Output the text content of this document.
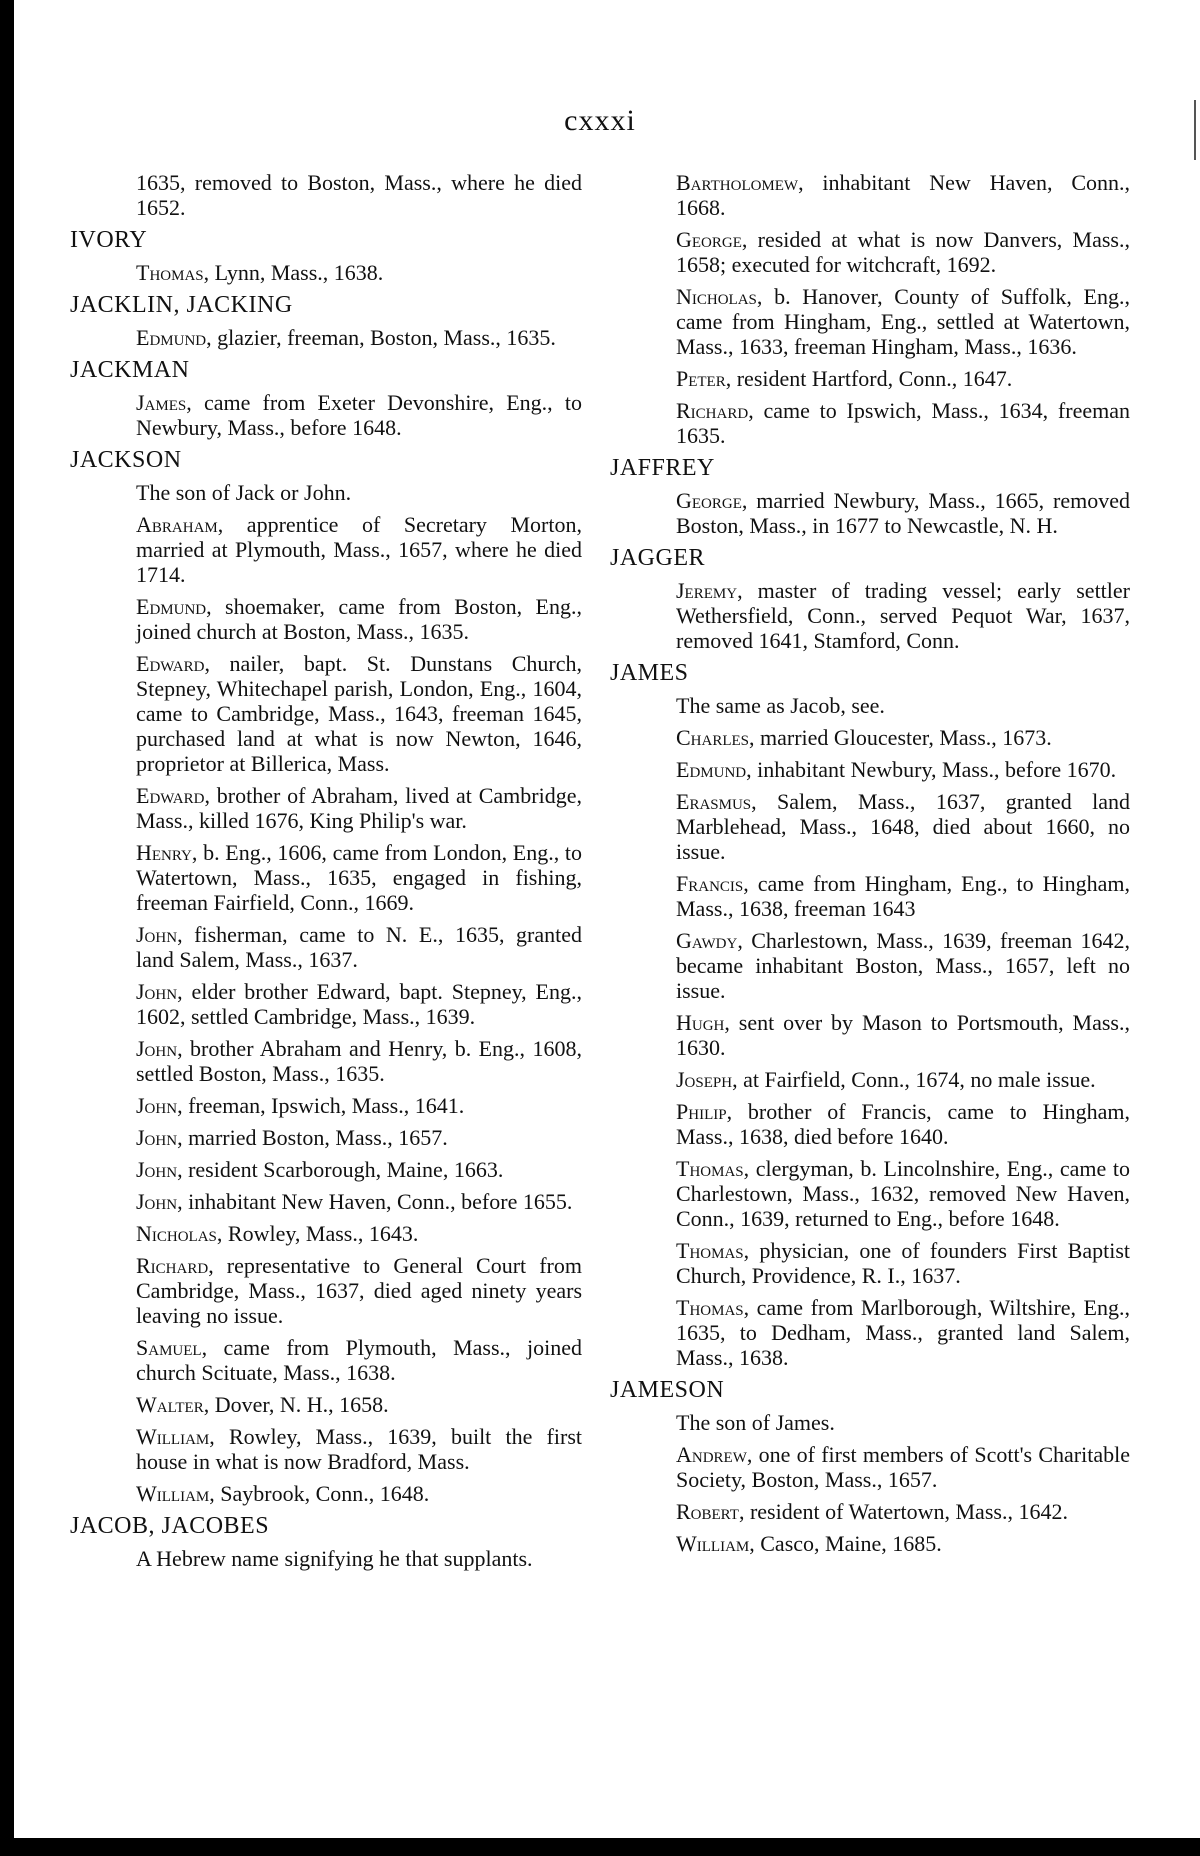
cxxxi
1635, removed to Boston, Mass., where he died 1652.
IVORY
Thomas, Lynn, Mass., 1638.
JACKLIN, JACKING
Edmund, glazier, freeman, Boston, Mass., 1635.
JACKMAN
James, came from Exeter Devonshire, Eng., to Newbury, Mass., before 1648.
JACKSON
The son of Jack or John.
Abraham, apprentice of Secretary Morton, married at Plymouth, Mass., 1657, where he died 1714.
Edmund, shoemaker, came from Boston, Eng., joined church at Boston, Mass., 1635.
Edward, nailer, bapt. St. Dunstans Church, Stepney, Whitechapel parish, London, Eng., 1604, came to Cambridge, Mass., 1643, freeman 1645, purchased land at what is now Newton, 1646, proprietor at Billerica, Mass.
Edward, brother of Abraham, lived at Cambridge, Mass., killed 1676, King Philip's war.
Henry, b. Eng., 1606, came from London, Eng., to Watertown, Mass., 1635, engaged in fishing, freeman Fairfield, Conn., 1669.
John, fisherman, came to N. E., 1635, granted land Salem, Mass., 1637.
John, elder brother Edward, bapt. Stepney, Eng., 1602, settled Cambridge, Mass., 1639.
John, brother Abraham and Henry, b. Eng., 1608, settled Boston, Mass., 1635.
John, freeman, Ipswich, Mass., 1641.
John, married Boston, Mass., 1657.
John, resident Scarborough, Maine, 1663.
John, inhabitant New Haven, Conn., before 1655.
Nicholas, Rowley, Mass., 1643.
Richard, representative to General Court from Cambridge, Mass., 1637, died aged ninety years leaving no issue.
Samuel, came from Plymouth, Mass., joined church Scituate, Mass., 1638.
Walter, Dover, N. H., 1658.
William, Rowley, Mass., 1639, built the first house in what is now Bradford, Mass.
William, Saybrook, Conn., 1648.
JACOB, JACOBES
A Hebrew name signifying he that supplants.
Bartholomew, inhabitant New Haven, Conn., 1668.
George, resided at what is now Danvers, Mass., 1658; executed for witchcraft, 1692.
Nicholas, b. Hanover, County of Suffolk, Eng., came from Hingham, Eng., settled at Watertown, Mass., 1633, freeman Hingham, Mass., 1636.
Peter, resident Hartford, Conn., 1647.
Richard, came to Ipswich, Mass., 1634, freeman 1635.
JAFFREY
George, married Newbury, Mass., 1665, removed Boston, Mass., in 1677 to Newcastle, N. H.
JAGGER
Jeremy, master of trading vessel; early settler Wethersfield, Conn., served Pequot War, 1637, removed 1641, Stamford, Conn.
JAMES
The same as Jacob, see.
Charles, married Gloucester, Mass., 1673.
Edmund, inhabitant Newbury, Mass., before 1670.
Erasmus, Salem, Mass., 1637, granted land Marblehead, Mass., 1648, died about 1660, no issue.
Francis, came from Hingham, Eng., to Hingham, Mass., 1638, freeman 1643
Gawdy, Charlestown, Mass., 1639, freeman 1642, became inhabitant Boston, Mass., 1657, left no issue.
Hugh, sent over by Mason to Portsmouth, Mass., 1630.
Joseph, at Fairfield, Conn., 1674, no male issue.
Philip, brother of Francis, came to Hingham, Mass., 1638, died before 1640.
Thomas, clergyman, b. Lincolnshire, Eng., came to Charlestown, Mass., 1632, removed New Haven, Conn., 1639, returned to Eng., before 1648.
Thomas, physician, one of founders First Baptist Church, Providence, R. I., 1637.
Thomas, came from Marlborough, Wiltshire, Eng., 1635, to Dedham, Mass., granted land Salem, Mass., 1638.
JAMESON
The son of James.
Andrew, one of first members of Scott's Charitable Society, Boston, Mass., 1657.
Robert, resident of Watertown, Mass., 1642.
William, Casco, Maine, 1685.
